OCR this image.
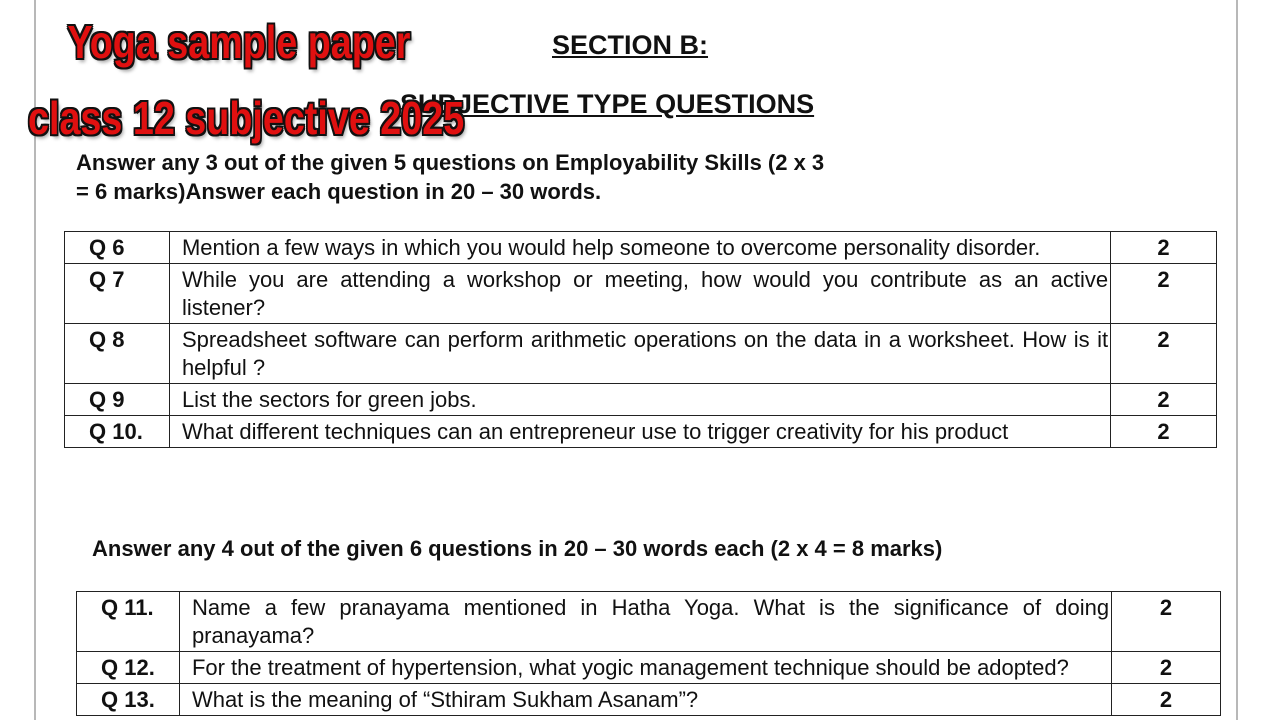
SECTION B:
SUBJECTIVE TYPE QUESTIONS
Yoga sample paper
class 12 subjective 2025
Answer any 3 out of the given 5 questions on Employability Skills (2 x 3
= 6 marks)Answer each question in 20 – 30 words.
Q 6	Mention a few ways in which you would help someone to overcome personality disorder.	2
Q 7	While you are attending a workshop or meeting, how would you contribute as an active listener?	2
Q 8	Spreadsheet software can perform arithmetic operations on the data in a worksheet. How is it helpful ?	2
Q 9	List the sectors for green jobs.	2
Q 10.	What different techniques can an entrepreneur use to trigger creativity for his product	2
Answer any 4 out of the given 6 questions in 20 – 30 words each (2 x 4 = 8 marks)
Q 11.	Name a few pranayama mentioned in Hatha Yoga. What is the significance of doing pranayama?	2
Q 12.	For the treatment of hypertension, what yogic management technique should be adopted?	2
Q 13.	What is the meaning of “Sthiram Sukham Asanam”?	2
